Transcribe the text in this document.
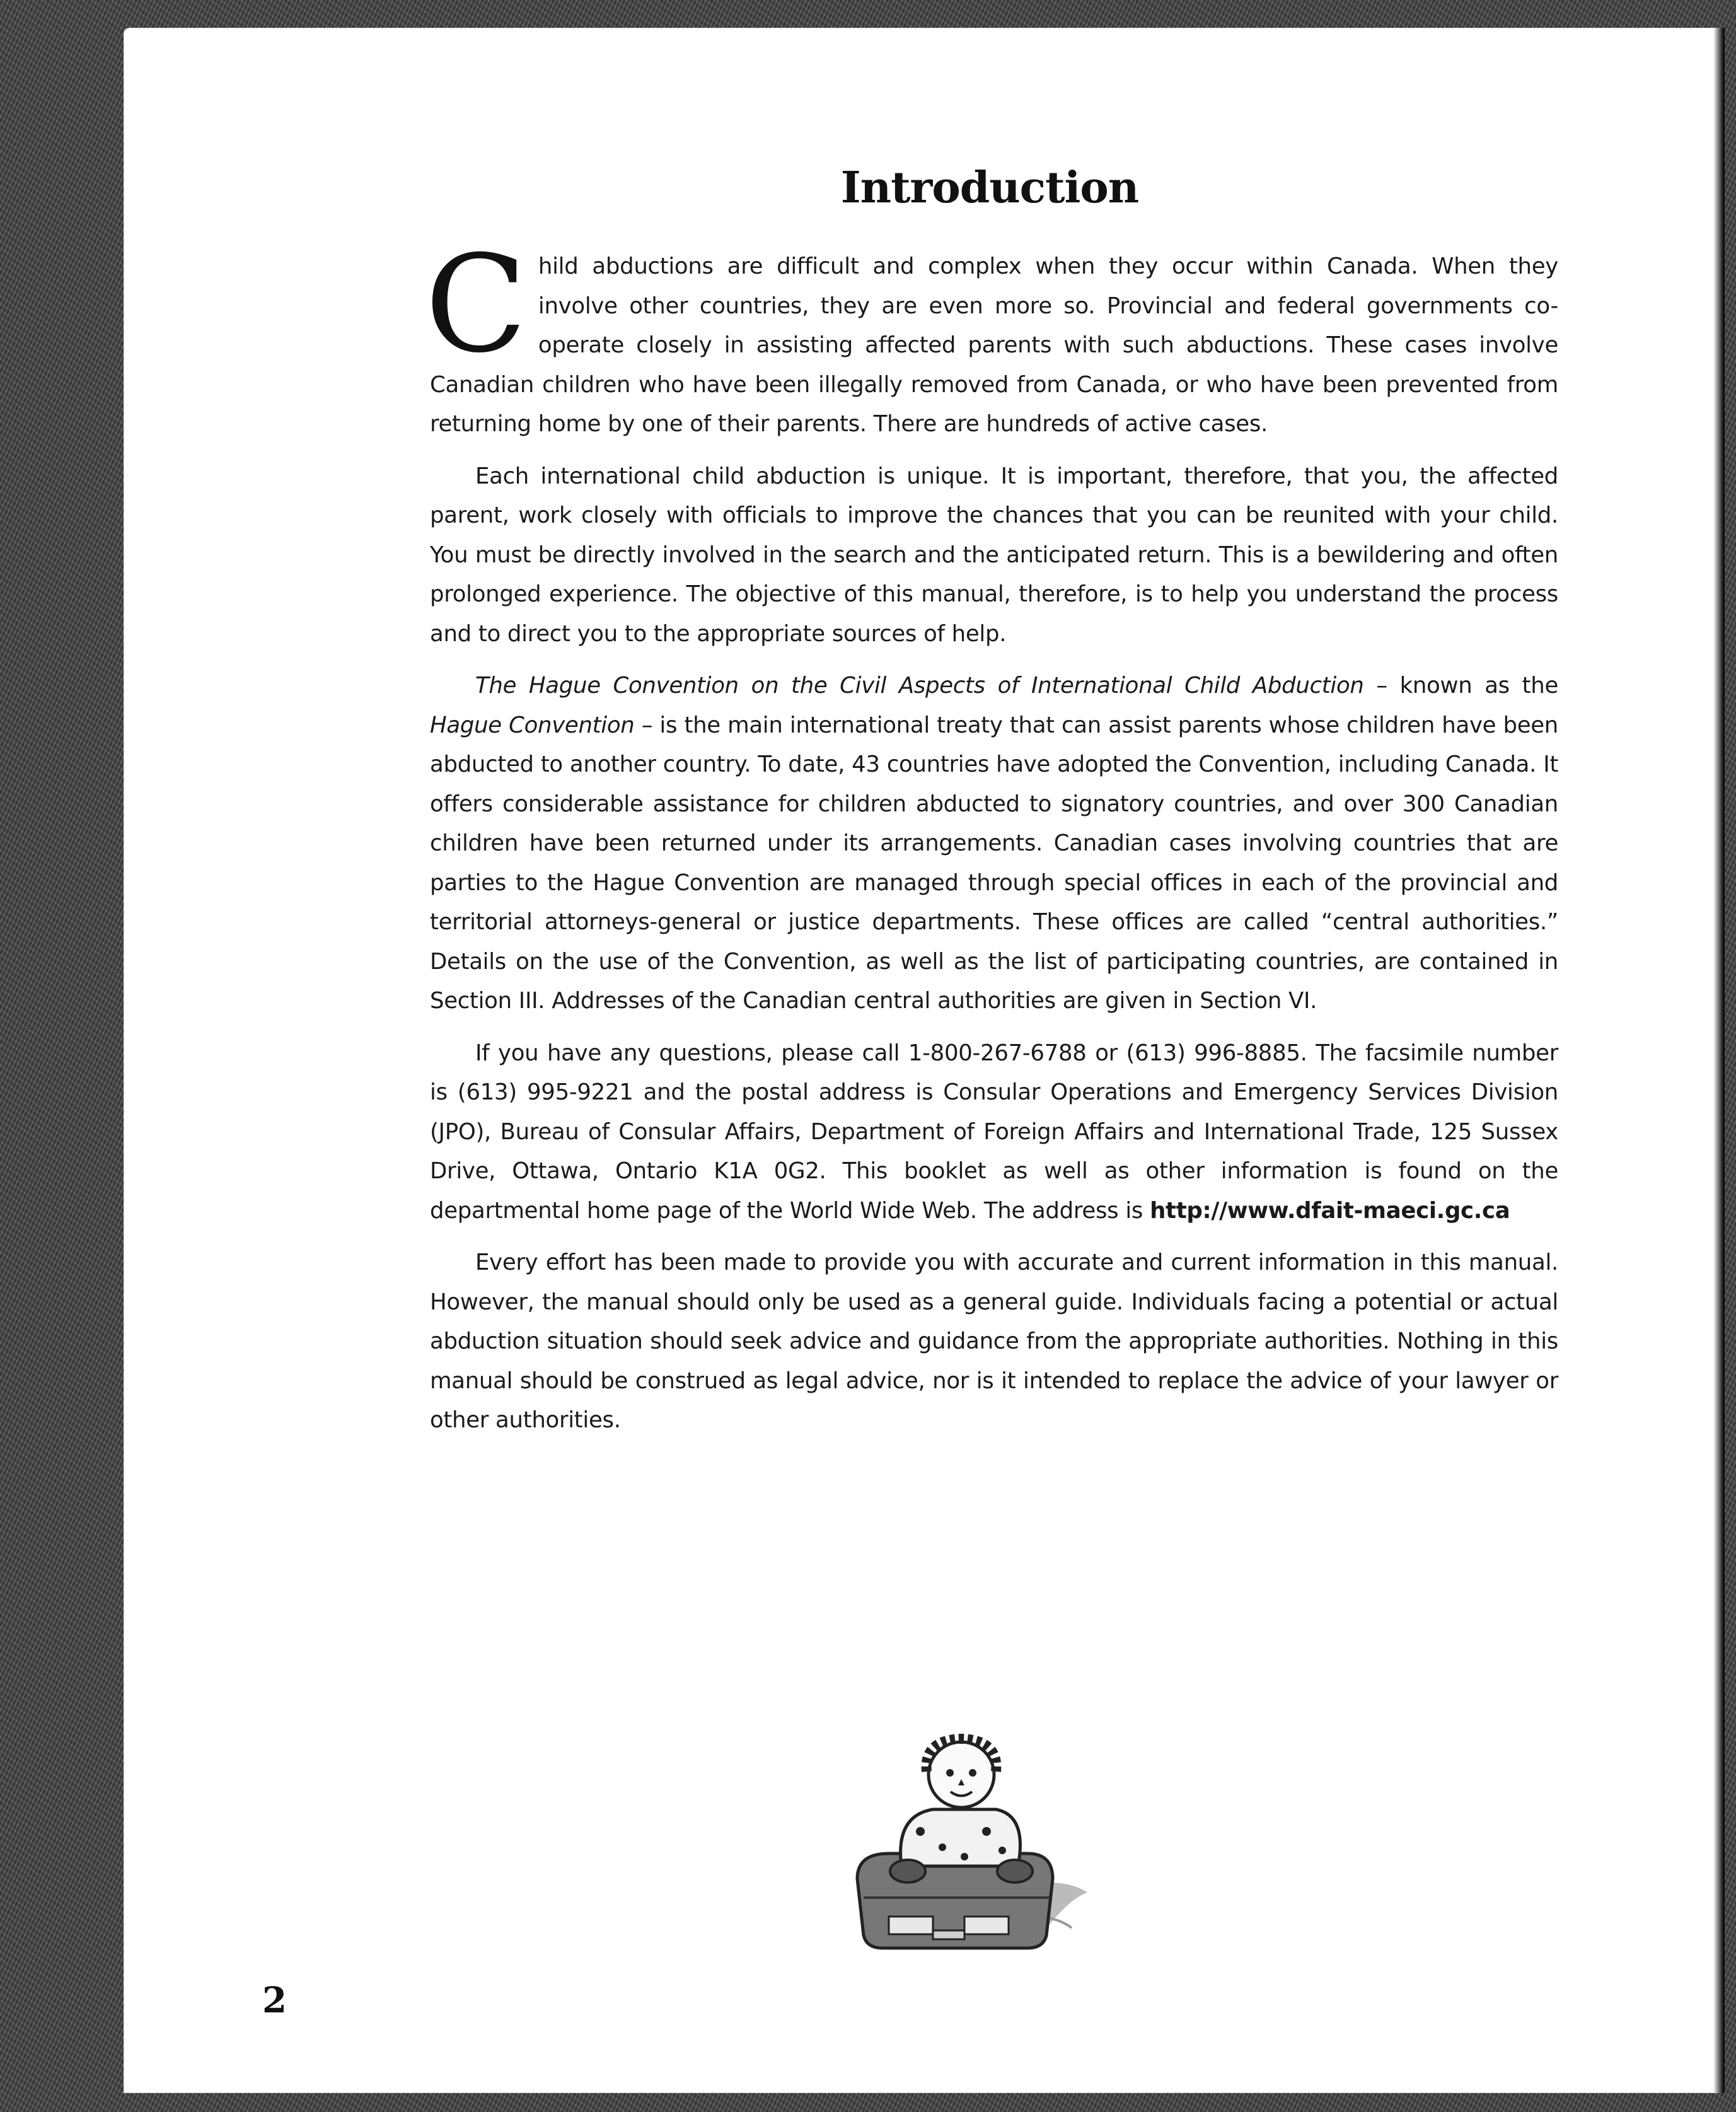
Introduction

Child abductions are difficult and complex when they occur within Canada. When they involve other countries, they are even more so. Provincial and federal governments co-operate closely in assisting affected parents with such abductions. These cases involve Canadian children who have been illegally removed from Canada, or who have been prevented from returning home by one of their parents. There are hundreds of active cases.

Each international child abduction is unique. It is important, therefore, that you, the affected parent, work closely with officials to improve the chances that you can be reunited with your child. You must be directly involved in the search and the anticipated return. This is a bewildering and often prolonged experience. The objective of this manual, therefore, is to help you understand the process and to direct you to the appropriate sources of help.

The Hague Convention on the Civil Aspects of International Child Abduction – known as the Hague Convention – is the main international treaty that can assist parents whose children have been abducted to another country. To date, 43 countries have adopted the Convention, including Canada. It offers considerable assistance for children abducted to signatory countries, and over 300 Canadian children have been returned under its arrangements. Canadian cases involving countries that are parties to the Hague Convention are managed through special offices in each of the provincial and territorial attorneys-general or justice departments. These offices are called “central authorities.” Details on the use of the Convention, as well as the list of participating countries, are contained in Section III. Addresses of the Canadian central authorities are given in Section VI.

If you have any questions, please call 1-800-267-6788 or (613) 996-8885. The facsimile number is (613) 995-9221 and the postal address is Consular Operations and Emergency Services Division (JPO), Bureau of Consular Affairs, Department of Foreign Affairs and International Trade, 125 Sussex Drive, Ottawa, Ontario K1A 0G2. This booklet as well as other information is found on the departmental home page of the World Wide Web. The address is http://www.dfait-maeci.gc.ca

Every effort has been made to provide you with accurate and current information in this manual. However, the manual should only be used as a general guide. Individuals facing a potential or actual abduction situation should seek advice and guidance from the appropriate authorities. Nothing in this manual should be construed as legal advice, nor is it intended to replace the advice of your lawyer or other authorities.

2
